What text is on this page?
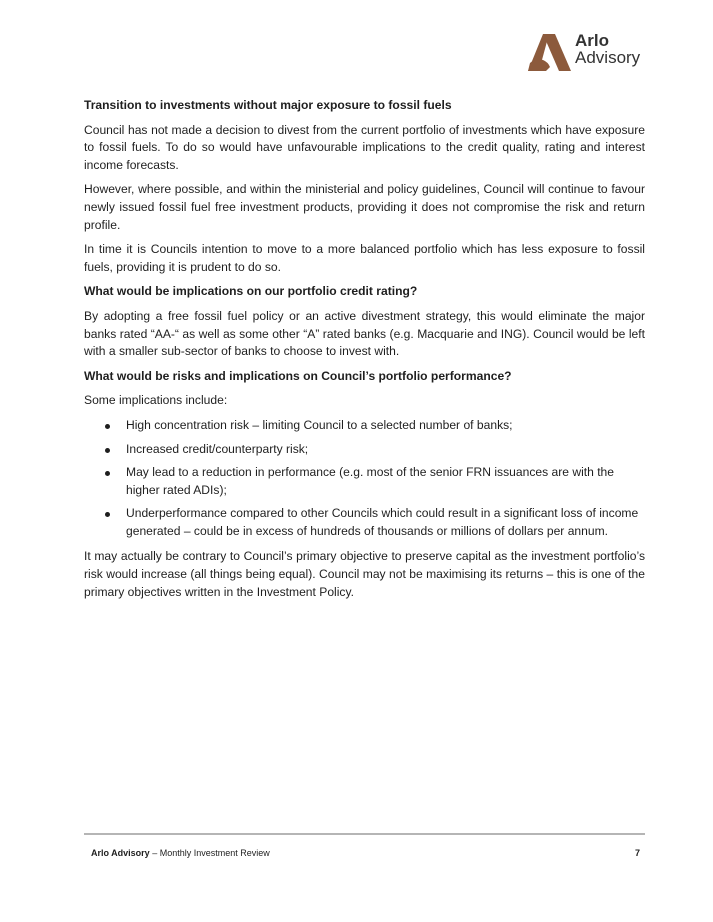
Arlo
Advisory
Transition to investments without major exposure to fossil fuels

Council has not made a decision to divest from the current portfolio of investments which have exposure to fossil fuels. To do so would have unfavourable implications to the credit quality, rating and interest income forecasts.

However, where possible, and within the ministerial and policy guidelines, Council will continue to favour newly issued fossil fuel free investment products, providing it does not compromise the risk and return profile.

In time it is Councils intention to move to a more balanced portfolio which has less exposure to fossil fuels, providing it is prudent to do so.

What would be implications on our portfolio credit rating?

By adopting a free fossil fuel policy or an active divestment strategy, this would eliminate the major banks rated “AA-“ as well as some other “A” rated banks (e.g. Macquarie and ING). Council would be left with a smaller sub-sector of banks to choose to invest with.

What would be risks and implications on Council’s portfolio performance?

Some implications include:

High concentration risk – limiting Council to a selected number of banks;
Increased credit/counterparty risk;
May lead to a reduction in performance (e.g. most of the senior FRN issuances are with the higher rated ADIs);
Underperformance compared to other Councils which could result in a significant loss of income generated – could be in excess of hundreds of thousands or millions of dollars per annum.

It may actually be contrary to Council’s primary objective to preserve capital as the investment portfolio’s risk would increase (all things being equal). Council may not be maximising its returns – this is one of the primary objectives written in the Investment Policy.

Arlo Advisory – Monthly Investment Review	7
